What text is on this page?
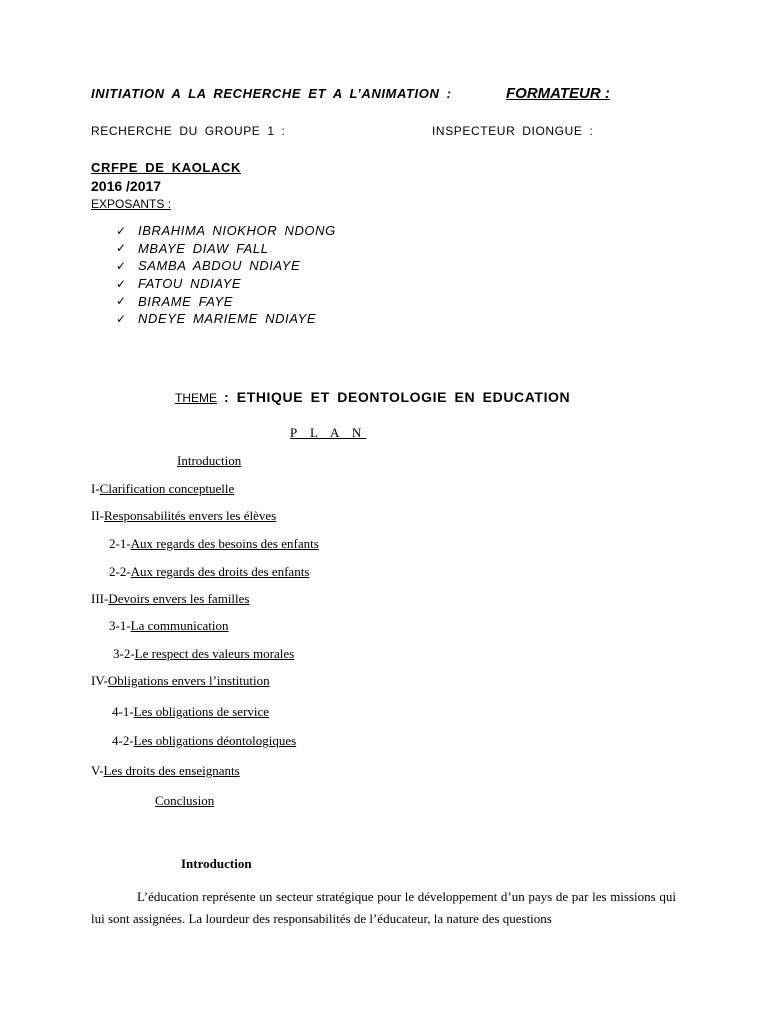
INITIATION A LA RECHERCHE ET A L’ANIMATION :	FORMATEUR :
RECHERCHE DU GROUPE 1 :	INSPECTEUR DIONGUE :
CRFPE DE KAOLACK
2016 /2017
EXPOSANTS :
✓ IBRAHIMA NIOKHOR NDONG
✓ MBAYE DIAW FALL
✓ SAMBA ABDOU NDIAYE
✓ FATOU NDIAYE
✓ BIRAME FAYE
✓ NDEYE MARIEME NDIAYE
THEME : ETHIQUE ET DEONTOLOGIE EN EDUCATION
P L A N
Introduction
I-Clarification conceptuelle
II-Responsabilités envers les élèves
2-1-Aux regards des besoins des enfants
2-2-Aux regards des droits des enfants
III-Devoirs envers les familles
3-1-La communication
3-2-Le respect des valeurs morales
IV-Obligations envers l’institution
4-1-Les obligations de service
4-2-Les obligations déontologiques
V-Les droits des enseignants
Conclusion
Introduction
L’éducation représente un secteur stratégique pour le développement d’un pays de par les missions qui lui sont assignées. La lourdeur des responsabilités de l’éducateur, la nature des questions
